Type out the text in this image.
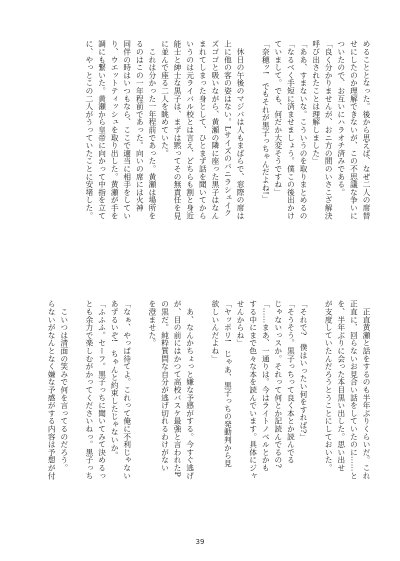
めることとなった。後から思えば、なぜ二人の席替
せにしたのか理解できないが、この不思議な争いに
ついたので、お互いにハラオチ済みである。
「良く分かりませんが、おニ方の間のいさこざ解決
呼び出されたことは理解しました」
「ああ、すまないな。こういうのを取りまとめるの
「なるべく手短に済ませましょう。僕この後出かけ
ていまして。でも、何だか大変そうですね」
「奈穂ッ!　でもそれが黒子っちゃんだよね!」

　休日の午後のマジバは人もまばらで、窓際の席は
上に他の客の姿はない。Lサイズのバニラシェイク
ズゴゴと吸いながら、黄瀬の隣に座った黒子はなん
まれてしまった身として、ひとまず話を聞いてから
いうのは元ライバル校とは言え、どちらも割と身近
能士と紳士な黒子は、まずは黙ってその無責任を見
に並んで座る二人を眺めていた。
　これは分かった一年程前であった。黄瀬は場所を
るのはこの一年程前であった。向いの席には火神
同伴の時はいつもなら、ここで適当に相手をしてい
り、ウエットティッシュを取り出した。黄瀬が手を
調にも繋いた。黄瀬から皇帝に向かって中指を立て
に、やっとこの二人がうっていたことに安堵した。
　正直黄瀬と話をするのも半年ぶりくらいだ。これ
正直に、回らないお見合い話をしていたのに……と
を、半年ぶりに会った本目黒い出した。思い出せ
が支度していたんだろうとうことにしておいた。

「それで?　僕はいったい何をすれば?」
「そうそう。黒子っちって良く本とか読んでる
じゃないっスか。それって何とか記読んでるの?
「……まあ、一通りは。今はライトノベルとかも
する中にまで色々な本を読んでいます。具体にジャ
せんからね」
「ヤッポリ!　じゃあ、黒子っちの発動判から見
欲しいんだよね」

　あ、なんかちょっと嫌な予感がする。今すぐ逃げ
が、目の前にはかつて高校バスケ最強と言われたP
の黒だ。純粋質問な自分が逃げ切れるわけがない
を澄ませた。

「なぁ、やっぱ待てよ。これって俺に不利じゃない
あずるいぞ!　ちゃんと約束したじゃないか。
「ふふふ。セーフ。黒子っちに聞いてみて決めるっ
とも余力で楽しむがかってくださいねっ。黒子っち

　こいつは清面の笑みで何を言ってるのだろう。
らないがなんとなく嫌な予感がする内容は予想が付
39
